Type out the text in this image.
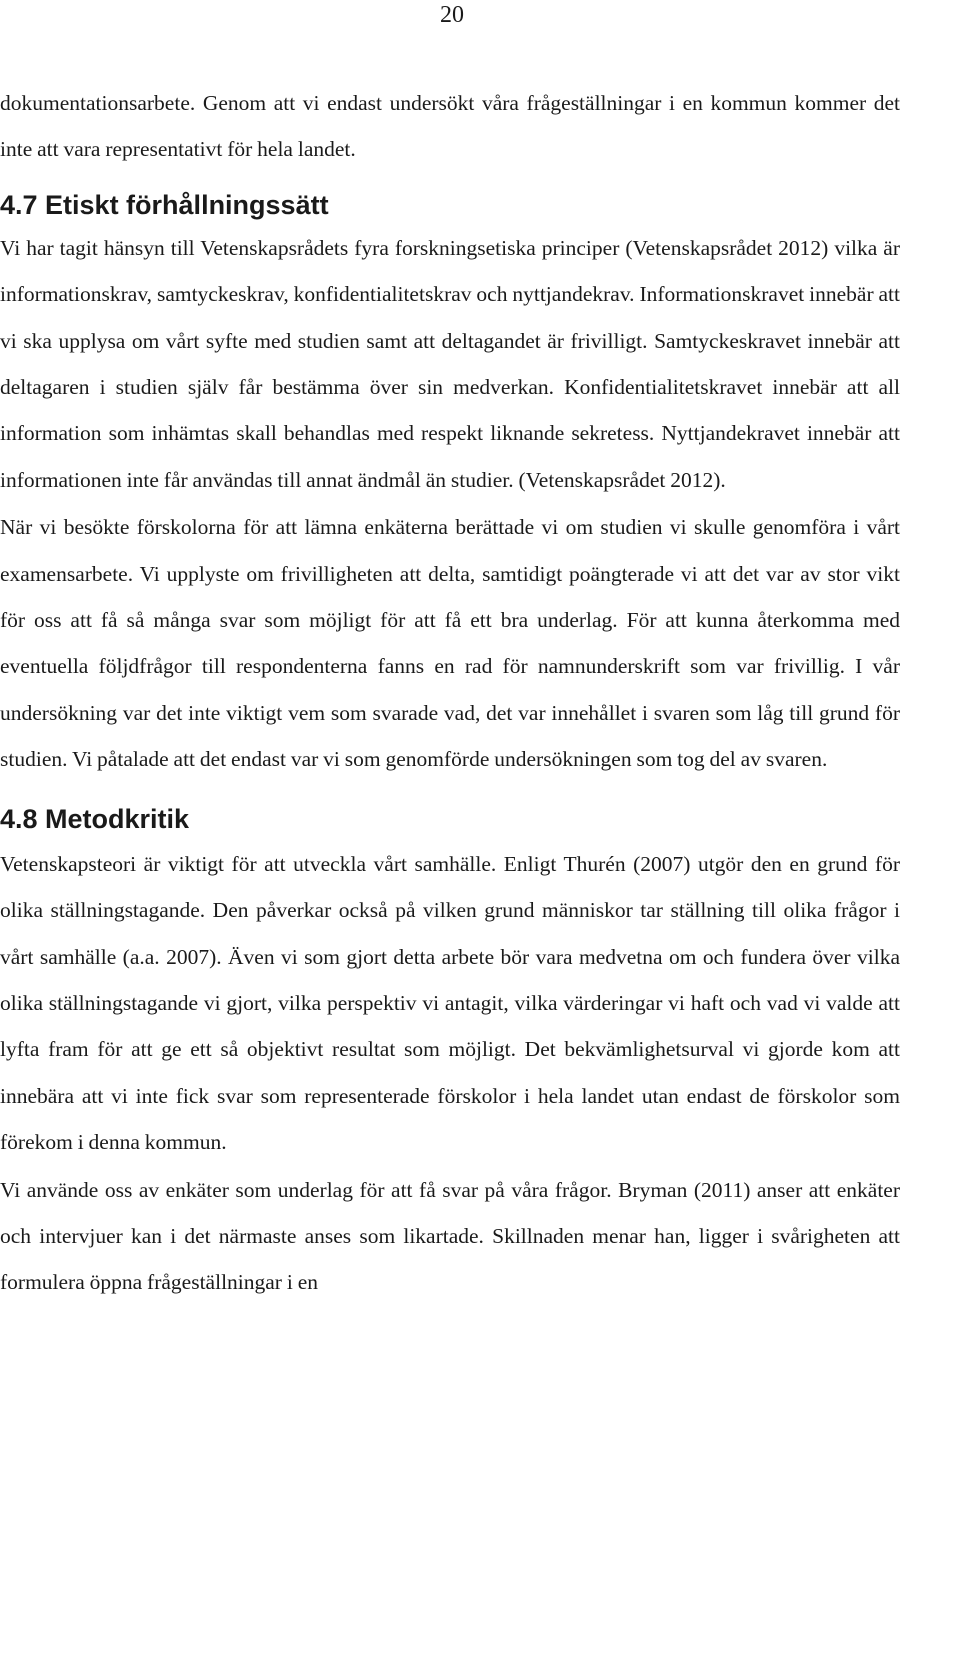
20

dokumentationsarbete. Genom att vi endast undersökt våra frågeställningar i en kommun kommer det inte att vara representativt för hela landet.

4.7 Etiskt förhållningssätt

Vi har tagit hänsyn till Vetenskapsrådets fyra forskningsetiska principer (Vetenskapsrådet 2012) vilka är informationskrav, samtyckeskrav, konfidentialitetskrav och nyttjandekrav. Informationskravet innebär att vi ska upplysa om vårt syfte med studien samt att deltagandet är frivilligt. Samtyckeskravet innebär att deltagaren i studien själv får bestämma över sin medverkan. Konfidentialitetskravet innebär att all information som inhämtas skall behandlas med respekt liknande sekretess. Nyttjandekravet innebär att informationen inte får användas till annat ändmål än studier. (Vetenskapsrådet 2012).

När vi besökte förskolorna för att lämna enkäterna berättade vi om studien vi skulle genomföra i vårt examensarbete. Vi upplyste om frivilligheten att delta, samtidigt poängterade vi att det var av stor vikt för oss att få så många svar som möjligt för att få ett bra underlag. För att kunna återkomma med eventuella följdfrågor till respondenterna fanns en rad för namnunderskrift som var frivillig. I vår undersökning var det inte viktigt vem som svarade vad, det var innehållet i svaren som låg till grund för studien. Vi påtalade att det endast var vi som genomförde undersökningen som tog del av svaren.

4.8 Metodkritik

Vetenskapsteori är viktigt för att utveckla vårt samhälle. Enligt Thurén (2007) utgör den en grund för olika ställningstagande. Den påverkar också på vilken grund människor tar ställning till olika frågor i vårt samhälle (a.a. 2007). Även vi som gjort detta arbete bör vara medvetna om och fundera över vilka olika ställningstagande vi gjort, vilka perspektiv vi antagit, vilka värderingar vi haft och vad vi valde att lyfta fram för att ge ett så objektivt resultat som möjligt. Det bekvämlighetsurval vi gjorde kom att innebära att vi inte fick svar som representerade förskolor i hela landet utan endast de förskolor som förekom i denna kommun.

Vi använde oss av enkäter som underlag för att få svar på våra frågor. Bryman (2011) anser att enkäter och intervjuer kan i det närmaste anses som likartade. Skillnaden menar han, ligger i svårigheten att formulera öppna frågeställningar i en
